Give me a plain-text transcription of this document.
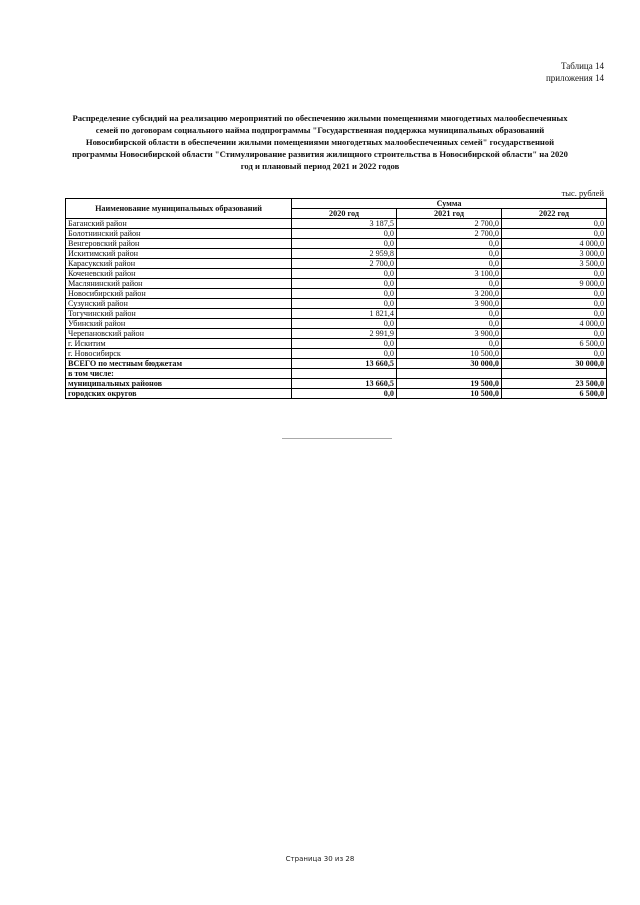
Таблица 14
приложения 14
Распределение субсидий на реализацию мероприятий по обеспечению жилыми помещениями многодетных малообеспеченных семей по договорам социального найма подпрограммы "Государственная поддержка муниципальных образований Новосибирской области в обеспечении жилыми помещениями многодетных малообеспеченных семей" государственной программы Новосибирской области "Стимулирование развития жилищного строительства в Новосибирской области" на 2020 год и плановый период 2021 и 2022 годов
тыс. рублей
Наименование муниципальных образований	Сумма		
	2020 год	2021 год	2022 год
Баганский район	3 187,5	2 700,0	0,0
Болотнинский район	0,0	2 700,0	0,0
Венгеровский район	0,0	0,0	4 000,0
Искитимский район	2 959,8	0,0	3 000,0
Карасукский район	2 700,0	0,0	3 500,0
Коченевский район	0,0	3 100,0	0,0
Маслянинский район	0,0	0,0	9 000,0
Новосибирский район	0,0	3 200,0	0,0
Сузунский район	0,0	3 900,0	0,0
Тогучинский район	1 821,4	0,0	0,0
Убинский район	0,0	0,0	4 000,0
Черепановский район	2 991,9	3 900,0	0,0
г. Искитим	0,0	0,0	6 500,0
г. Новосибирск	0,0	10 500,0	0,0
ВСЕГО по местным бюджетам	13 660,5	30 000,0	30 000,0
в том числе:			
муниципальных районов	13 660,5	19 500,0	23 500,0
городских округов	0,0	10 500,0	6 500,0
Страница 30 из 28
